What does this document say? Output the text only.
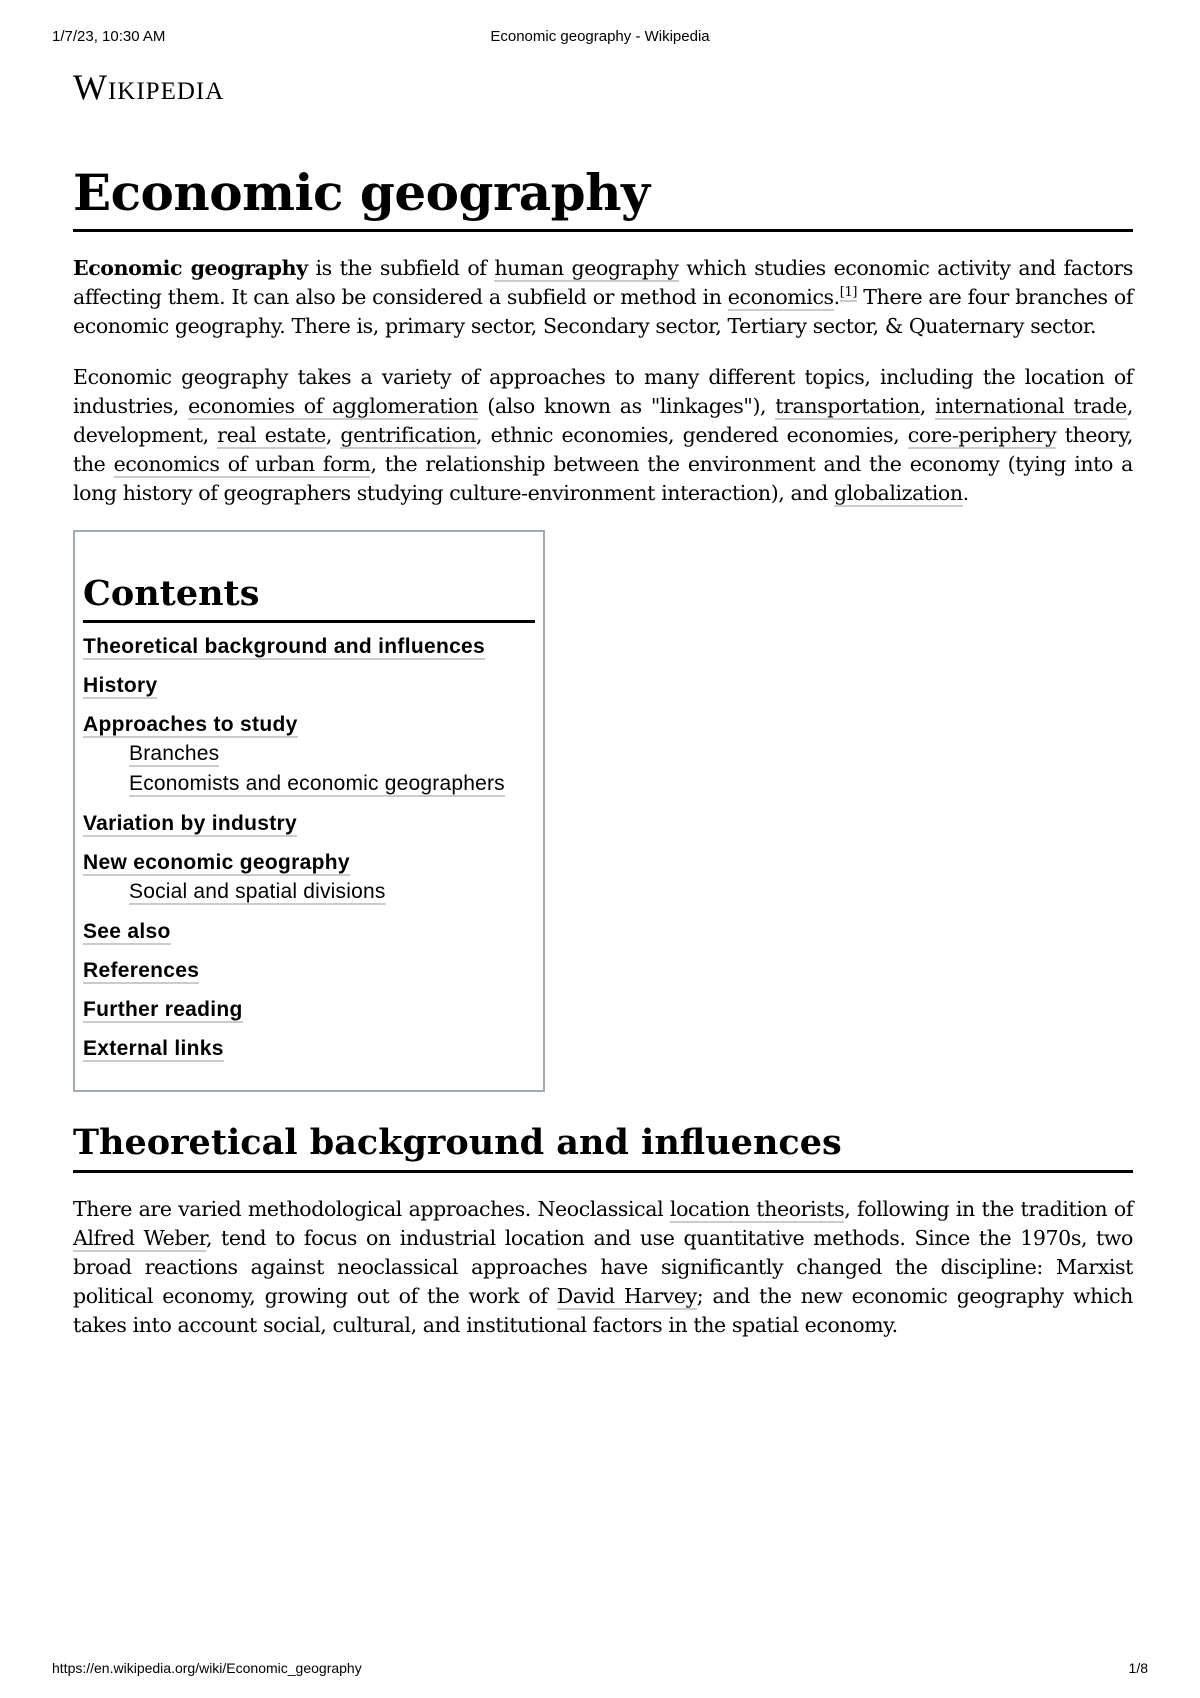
1/7/23, 10:30 AM	Economic geography - Wikipedia
Wikipedia
Economic geography

Economic geography is the subfield of human geography which studies economic activity and factors affecting them. It can also be considered a subfield or method in economics.[1] There are four branches of economic geography. There is, primary sector, Secondary sector, Tertiary sector, & Quaternary sector.

Economic geography takes a variety of approaches to many different topics, including the location of industries, economies of agglomeration (also known as "linkages"), transportation, international trade, development, real estate, gentrification, ethnic economies, gendered economies, core-periphery theory, the economics of urban form, the relationship between the environment and the economy (tying into a long history of geographers studying culture-environment interaction), and globalization.

Contents
Theoretical background and influences
History
Approaches to study
Branches
Economists and economic geographers
Variation by industry
New economic geography
Social and spatial divisions
See also
References
Further reading
External links
Theoretical background and influences

There are varied methodological approaches. Neoclassical location theorists, following in the tradition of Alfred Weber, tend to focus on industrial location and use quantitative methods. Since the 1970s, two broad reactions against neoclassical approaches have significantly changed the discipline: Marxist political economy, growing out of the work of David Harvey; and the new economic geography which takes into account social, cultural, and institutional factors in the spatial economy.

https://en.wikipedia.org/wiki/Economic_geography	1/8
